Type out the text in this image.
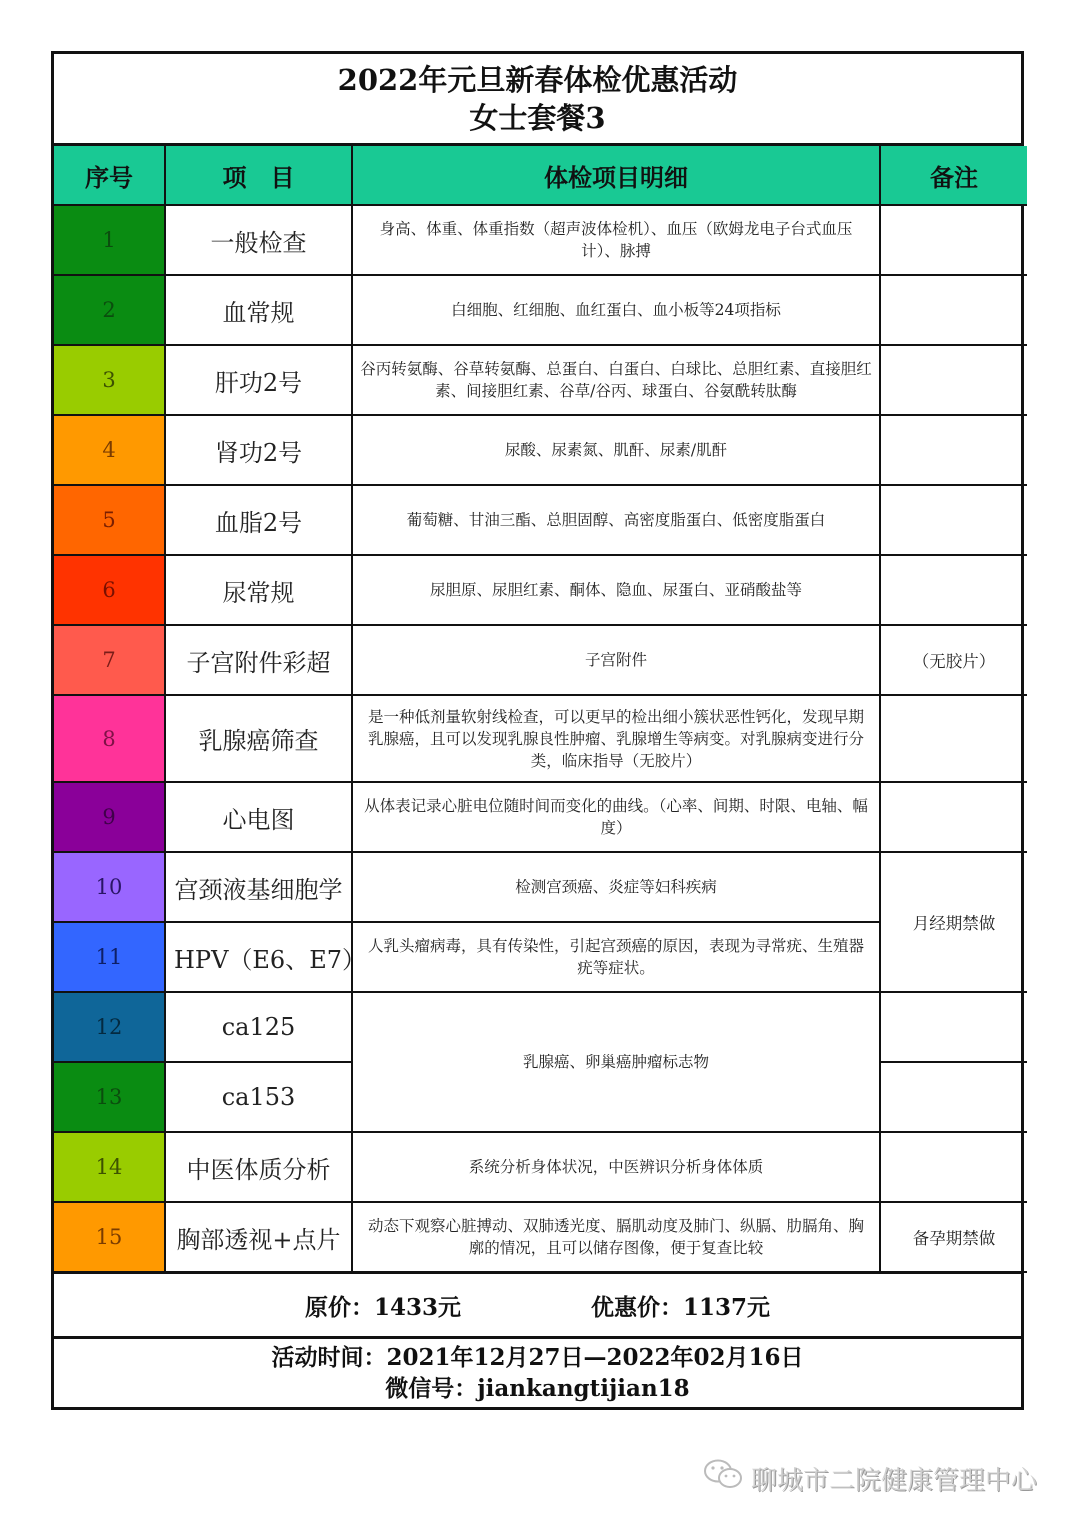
2022年元旦新春体检优惠活动
女士套餐3
序号	项　目	体检项目明细	备注
1	一般检查	身高、体重、体重指数（超声波体检机）、血压（欧姆龙电子台式血压计）、脉搏	
2	血常规	白细胞、红细胞、血红蛋白、血小板等24项指标	
3	肝功2号	谷丙转氨酶、谷草转氨酶、总蛋白、白蛋白、白球比、总胆红素、直接胆红素、间接胆红素、谷草/谷丙、球蛋白、谷氨酰转肽酶	
4	肾功2号	尿酸、尿素氮、肌酐、尿素/肌酐	
5	血脂2号	葡萄糖、甘油三酯、总胆固醇、高密度脂蛋白、低密度脂蛋白	
6	尿常规	尿胆原、尿胆红素、酮体、隐血、尿蛋白、亚硝酸盐等	
7	子宫附件彩超	子宫附件	（无胶片）
8	乳腺癌筛查	是一种低剂量软射线检查，可以更早的检出细小簇状恶性钙化，发现早期乳腺癌，且可以发现乳腺良性肿瘤、乳腺增生等病变。对乳腺病变进行分类，临床指导（无胶片）	
9	心电图	从体表记录心脏电位随时间而变化的曲线。（心率、间期、时限、电轴、幅度）	
10	宫颈液基细胞学	检测宫颈癌、炎症等妇科疾病	月经期禁做
11	HPV（E6、E7）	人乳头瘤病毒，具有传染性，引起宫颈癌的原因，表现为寻常疣、生殖器疣等症状。	
12	ca125	乳腺癌、卵巢癌肿瘤标志物	
13	ca153		
14	中医体质分析	系统分析身体状况，中医辨识分析身体体质	
15	胸部透视+点片	动态下观察心脏搏动、双肺透光度、膈肌动度及肺门、纵膈、肋膈角、胸廓的情况，且可以储存图像，便于复查比较	备孕期禁做
原价：1433元	优惠价：1137元
活动时间：2021年12月27日—2022年02月16日
微信号：jiankangtijian18
聊城市二院健康管理中心
